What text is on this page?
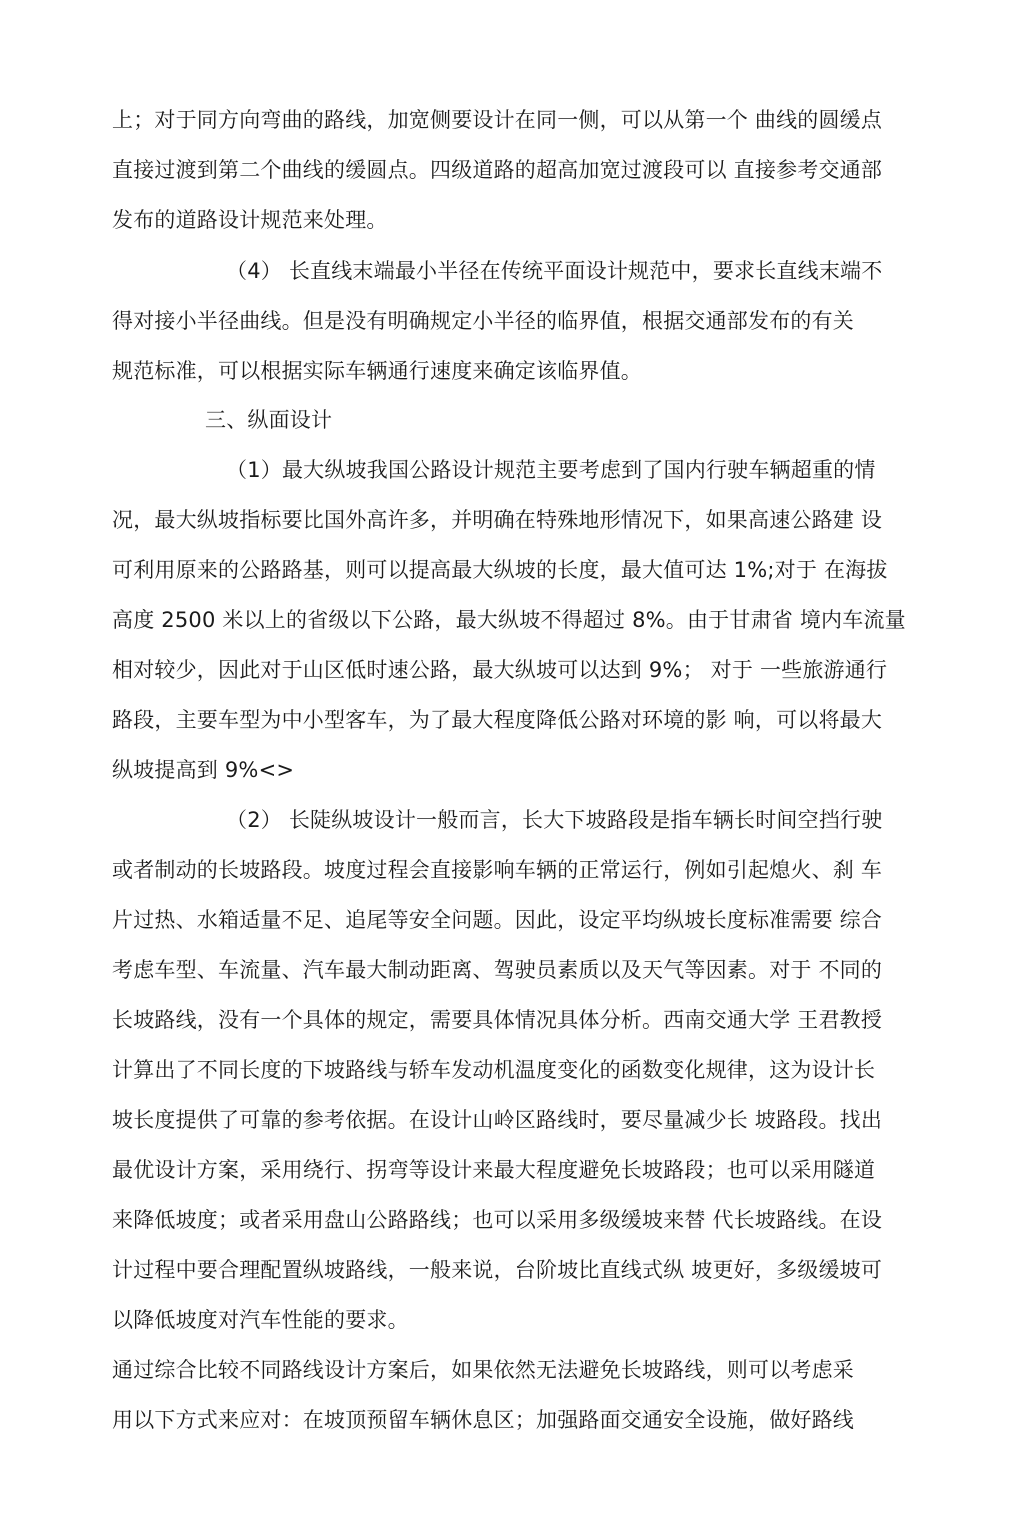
上；对于同方向弯曲的路线，加宽侧要设计在同一侧，可以从第一个 曲线的圆缓点
直接过渡到第二个曲线的缓圆点。四级道路的超高加宽过渡段可以 直接参考交通部
发布的道路设计规范来处理。
（4） 长直线末端最小半径在传统平面设计规范中，要求长直线末端不
得对接小半径曲线。但是没有明确规定小半径的临界值，根据交通部发布的有关
规范标准，可以根据实际车辆通行速度来确定该临界值。
三、纵面设计
（1）最大纵坡我国公路设计规范主要考虑到了国内行驶车辆超重的情
况，最大纵坡指标要比国外高许多，并明确在特殊地形情况下，如果高速公路建 设
可利用原来的公路路基，则可以提高最大纵坡的长度，最大值可达 1%;对于 在海拔
高度 2500 米以上的省级以下公路，最大纵坡不得超过 8%。由于甘肃省 境内车流量
相对较少，因此对于山区低时速公路，最大纵坡可以达到 9%； 对于 一些旅游通行
路段，主要车型为中小型客车，为了最大程度降低公路对环境的影 响，可以将最大
纵坡提高到 9%<>
（2） 长陡纵坡设计一般而言，长大下坡路段是指车辆长时间空挡行驶
或者制动的长坡路段。坡度过程会直接影响车辆的正常运行，例如引起熄火、刹 车
片过热、水箱适量不足、追尾等安全问题。因此，设定平均纵坡长度标准需要 综合
考虑车型、车流量、汽车最大制动距离、驾驶员素质以及天气等因素。对于 不同的
长坡路线，没有一个具体的规定，需要具体情况具体分析。西南交通大学 王君教授
计算出了不同长度的下坡路线与轿车发动机温度变化的函数变化规律，这为设计长
坡长度提供了可靠的参考依据。在设计山岭区路线时，要尽量减少长 坡路段。找出
最优设计方案，采用绕行、拐弯等设计来最大程度避免长坡路段；也可以采用隧道
来降低坡度；或者采用盘山公路路线；也可以采用多级缓坡来替 代长坡路线。在设
计过程中要合理配置纵坡路线，一般来说，台阶坡比直线式纵 坡更好，多级缓坡可
以降低坡度对汽车性能的要求。
通过综合比较不同路线设计方案后，如果依然无法避免长坡路线，则可以考虑采
用以下方式来应对：在坡顶预留车辆休息区；加强路面交通安全设施，做好路线
